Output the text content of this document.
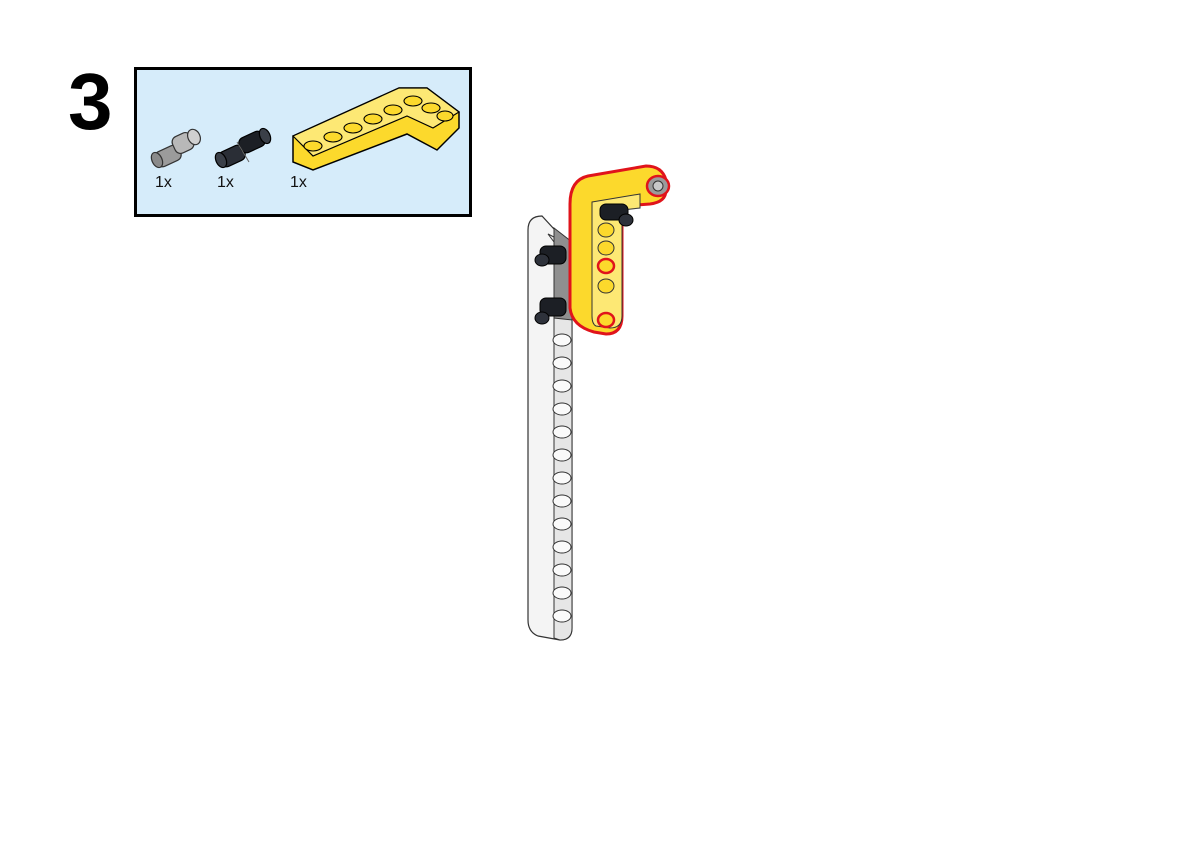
3
1x	1x	1x
